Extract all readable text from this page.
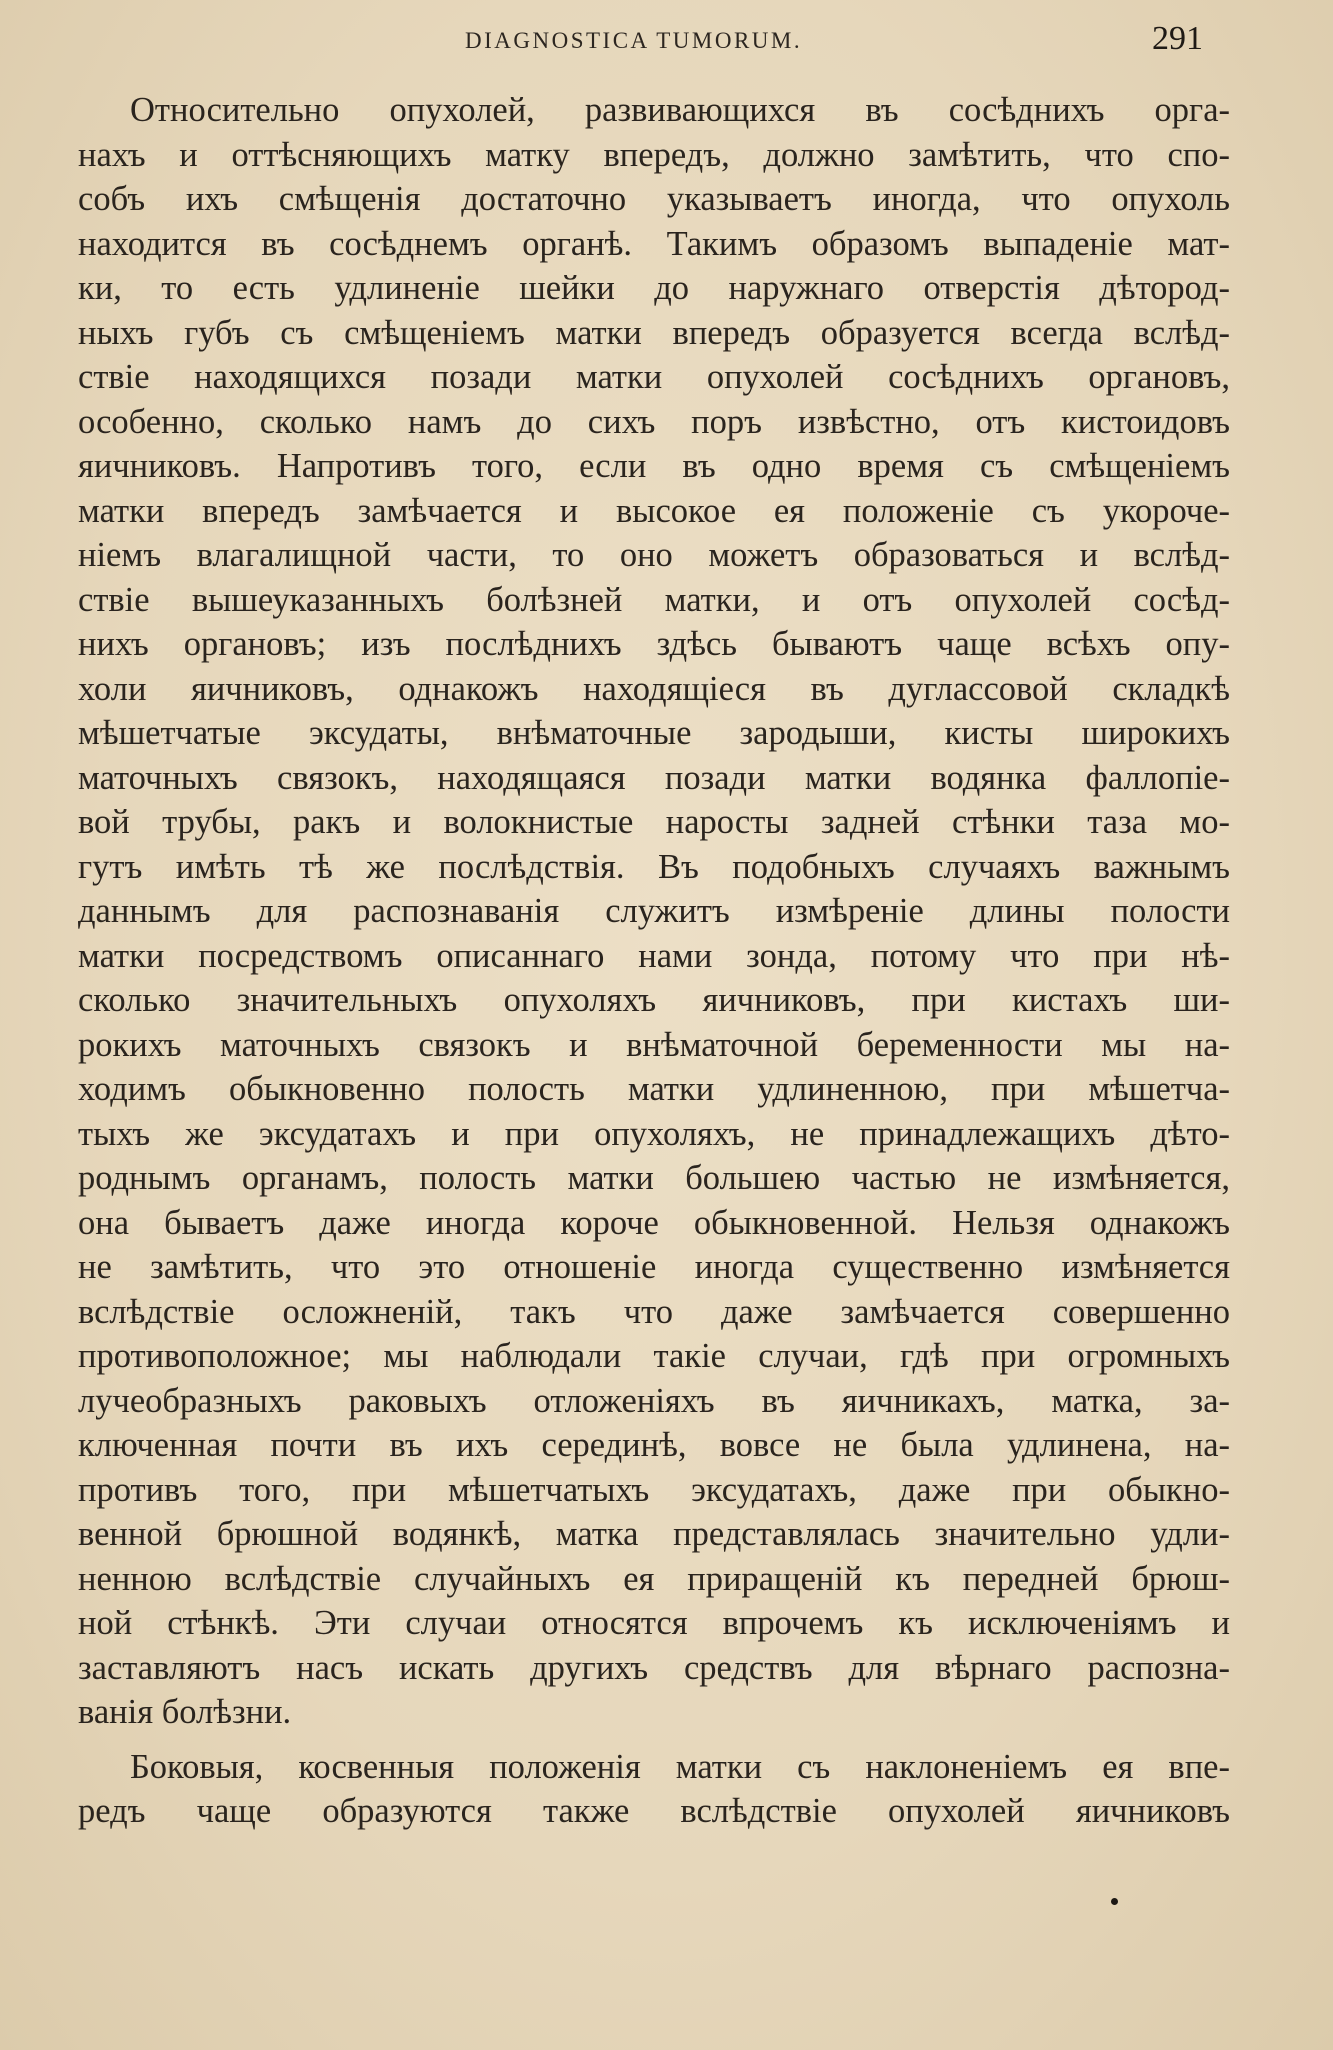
DIAGNOSTICA TUMORUM.	291

Относительно опухолей, развивающихся въ сосѣднихъ орга-
нахъ и оттѣсняющихъ матку впередъ, должно замѣтить, что спо-
собъ ихъ смѣщенія достаточно указываетъ иногда, что опухоль
находится въ сосѣднемъ органѣ. Такимъ образомъ выпаденіе мат-
ки, то есть удлиненіе шейки до наружнаго отверстія дѣтород-
ныхъ губъ съ смѣщеніемъ матки впередъ образуется всегда вслѣд-
ствіе находящихся позади матки опухолей сосѣднихъ органовъ,
особенно, сколько намъ до сихъ поръ извѣстно, отъ кистоидовъ
яичниковъ. Напротивъ того, если въ одно время съ смѣщеніемъ
матки впередъ замѣчается и высокое ея положеніе съ укороче-
ніемъ влагалищной части, то оно можетъ образоваться и вслѣд-
ствіе вышеуказанныхъ болѣзней матки, и отъ опухолей сосѣд-
нихъ органовъ; изъ послѣднихъ здѣсь бываютъ чаще всѣхъ опу-
холи яичниковъ, однакожъ находящіеся въ дугласcовой складкѣ
мѣшетчатые эксудаты, внѣматочные зародыши, кисты широкихъ
маточныхъ связокъ, находящаяся позади матки водянка фаллопіе-
вой трубы, ракъ и волокнистые наросты задней стѣнки таза мо-
гутъ имѣть тѣ же послѣдствія. Въ подобныхъ случаяхъ важнымъ
даннымъ для распознаванія служитъ измѣреніе длины полости
матки посредствомъ описаннаго нами зонда, потому что при нѣ-
сколько значительныхъ опухоляхъ яичниковъ, при кистахъ ши-
рокихъ маточныхъ связокъ и внѣматочной беременности мы на-
ходимъ обыкновенно полость матки удлиненною, при мѣшетча-
тыхъ же эксудатахъ и при опухоляхъ, не принадлежащихъ дѣто-
роднымъ органамъ, полость матки большею частью не измѣняется,
она бываетъ даже иногда короче обыкновенной. Нельзя однакожъ
не замѣтить, что это отношеніе иногда существенно измѣняется
вслѣдствіе осложненій, такъ что даже замѣчается совершенно
противоположное; мы наблюдали такіе случаи, гдѣ при огромныхъ
лучеобразныхъ раковыхъ отложеніяхъ въ яичникахъ, матка, за-
ключенная почти въ ихъ серединѣ, вовсе не была удлинена, на-
противъ того, при мѣшетчатыхъ эксудатахъ, даже при обыкно-
венной брюшной водянкѣ, матка представлялась значительно удли-
ненною вслѣдствіе случайныхъ ея приращеній къ передней брюш-
ной стѣнкѣ. Эти случаи относятся впрочемъ къ исключеніямъ и
заставляютъ насъ искать другихъ средствъ для вѣрнаго распозна-
ванія болѣзни.

Боковыя, косвенныя положенія матки съ наклоненіемъ ея впе-
редъ чаще образуются также вслѣдствіе опухолей яичниковъ
